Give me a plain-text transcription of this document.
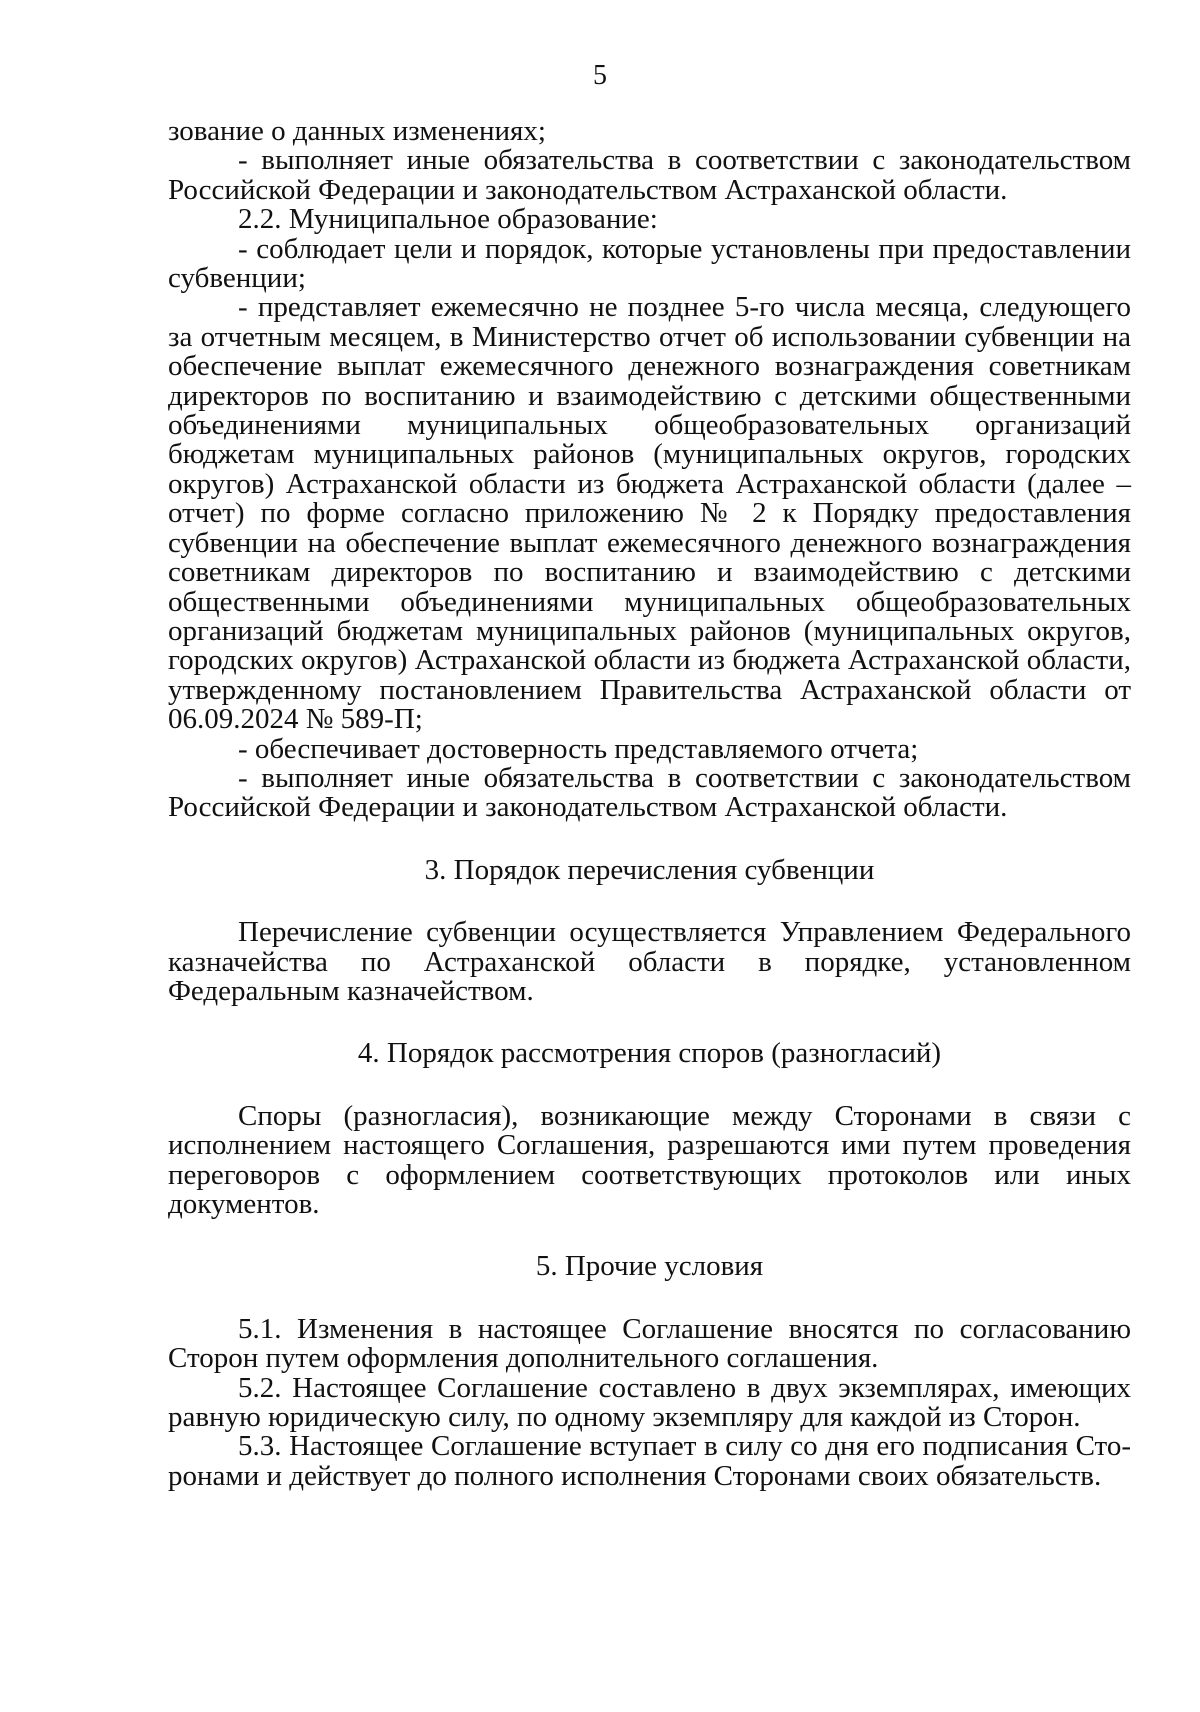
5

зование о данных изменениях;

- выполняет иные обязательства в соответствии с законодательством Российской Федерации и законодательством Астраханской области.

2.2. Муниципальное образование:

- соблюдает цели и порядок, которые установлены при предоставлении субвенции;

- представляет ежемесячно не позднее 5-го числа месяца, следующего за отчетным месяцем, в Министерство отчет об использовании субвенции на обеспечение выплат ежемесячного денежного вознаграждения советникам директоров по воспитанию и взаимодействию с детскими общественными объединениями муниципальных общеобразовательных организаций бюджетам муниципальных районов (муниципальных округов, городских округов) Астраханской области из бюджета Астраханской области (далее – отчет) по форме согласно приложению № 2 к Порядку предоставления субвенции на обеспечение выплат ежемесячного денежного вознаграждения советникам директоров по воспитанию и взаимодействию с детскими общественными объединениями муниципальных общеобразовательных организаций бюджетам муниципальных районов (муниципальных округов, городских округов) Астраханской области из бюджета Астраханской области, утвержденному постановлением Правительства Астраханской области от 06.09.2024 № 589-П;

- обеспечивает достоверность представляемого отчета;

- выполняет иные обязательства в соответствии с законодательством Российской Федерации и законодательством Астраханской области.

3. Порядок перечисления субвенции

Перечисление субвенции осуществляется Управлением Федерального казначейства по Астраханской области в порядке, установленном Федеральным казначейством.

4. Порядок рассмотрения споров (разногласий)

Споры (разногласия), возникающие между Сторонами в связи с исполнением настоящего Соглашения, разрешаются ими путем проведения переговоров с оформлением соответствующих протоколов или иных документов.

5. Прочие условия

5.1. Изменения в настоящее Соглашение вносятся по согласованию Сторон путем оформления дополнительного соглашения.

5.2. Настоящее Соглашение составлено в двух экземплярах, имеющих равную юридическую силу, по одному экземпляру для каждой из Сторон.

5.3. Настоящее Соглашение вступает в силу со дня его подписания Сторонами и действует до полного исполнения Сторонами своих обязательств.
